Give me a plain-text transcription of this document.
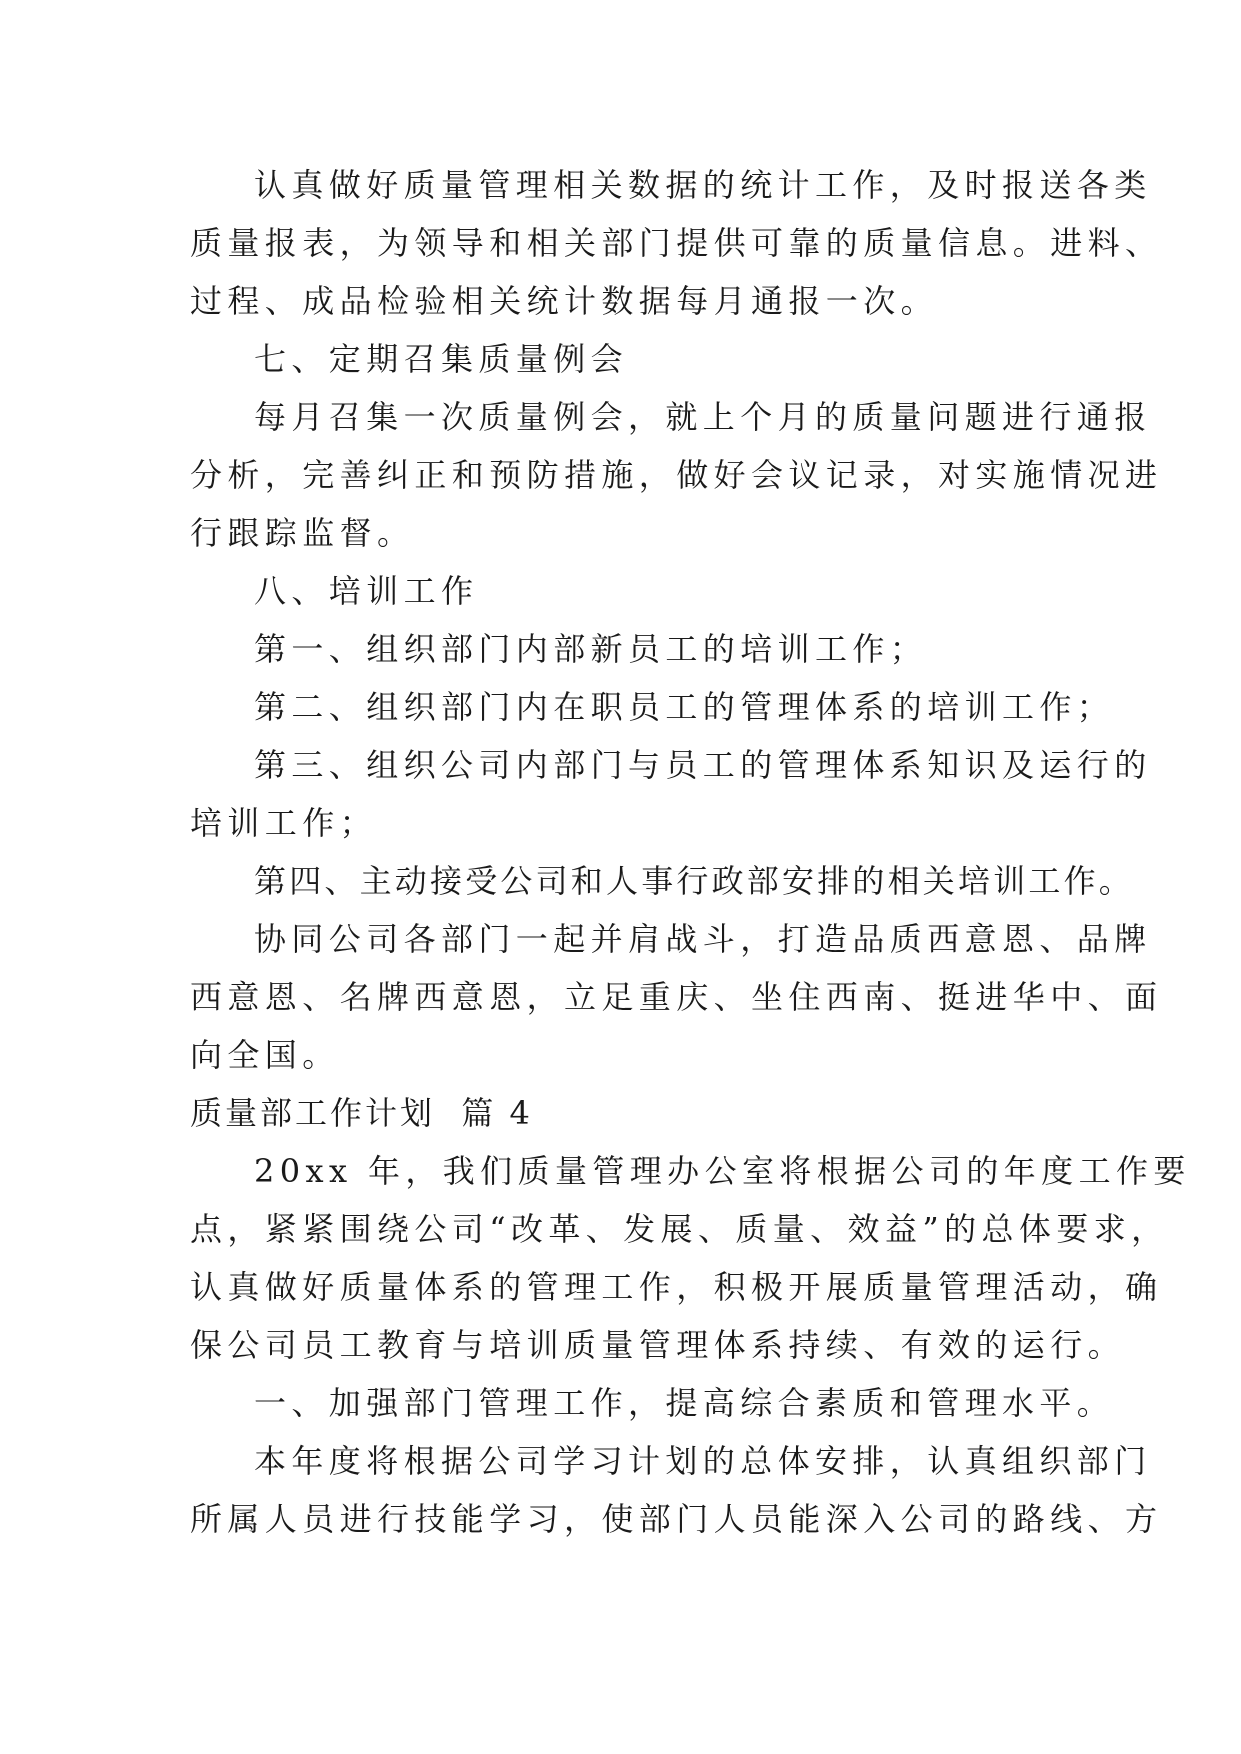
认真做好质量管理相关数据的统计工作，及时报送各类
质量报表，为领导和相关部门提供可靠的质量信息。进料、
过程、成品检验相关统计数据每月通报一次。
七、定期召集质量例会
每月召集一次质量例会，就上个月的质量问题进行通报
分析，完善纠正和预防措施，做好会议记录，对实施情况进
行跟踪监督。
八、培训工作
第一、组织部门内部新员工的培训工作；
第二、组织部门内在职员工的管理体系的培训工作；
第三、组织公司内部门与员工的管理体系知识及运行的
培训工作；
第四、主动接受公司和人事行政部安排的相关培训工作。
协同公司各部门一起并肩战斗，打造品质西意恩、品牌
西意恩、名牌西意恩，立足重庆、坐住西南、挺进华中、面
向全国。
质量部工作计划  篇 4
20xx 年，我们质量管理办公室将根据公司的年度工作要
点，紧紧围绕公司“改革、发展、质量、效益”的总体要求，
认真做好质量体系的管理工作，积极开展质量管理活动，确
保公司员工教育与培训质量管理体系持续、有效的运行。
一、加强部门管理工作，提高综合素质和管理水平。
本年度将根据公司学习计划的总体安排，认真组织部门
所属人员进行技能学习，使部门人员能深入公司的路线、方
